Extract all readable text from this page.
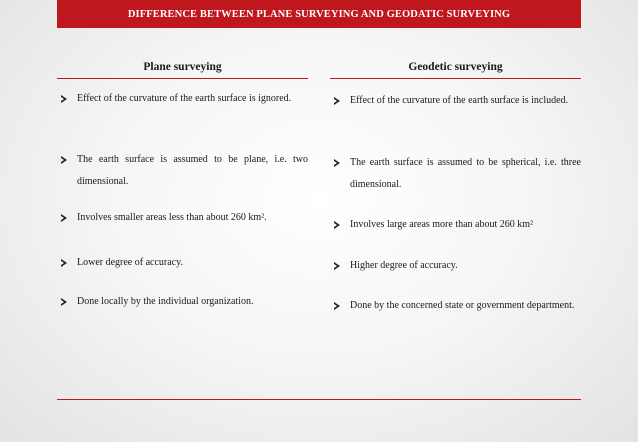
DIFFERENCE BETWEEN PLANE SURVEYING AND GEODATIC SURVEYING
Plane surveying
Effect of the curvature of the earth surface is ignored.
The earth surface is assumed to be plane, i.e. two dimensional.
Involves smaller areas less than about 260 km².
Lower degree of accuracy.
Done locally by the individual organization.
Geodetic surveying
Effect of the curvature of the earth surface is included.
The earth surface is assumed to be spherical, i.e. three dimensional.
Involves large areas more than about 260 km²
Higher degree of accuracy.
Done by the concerned state or government department.
